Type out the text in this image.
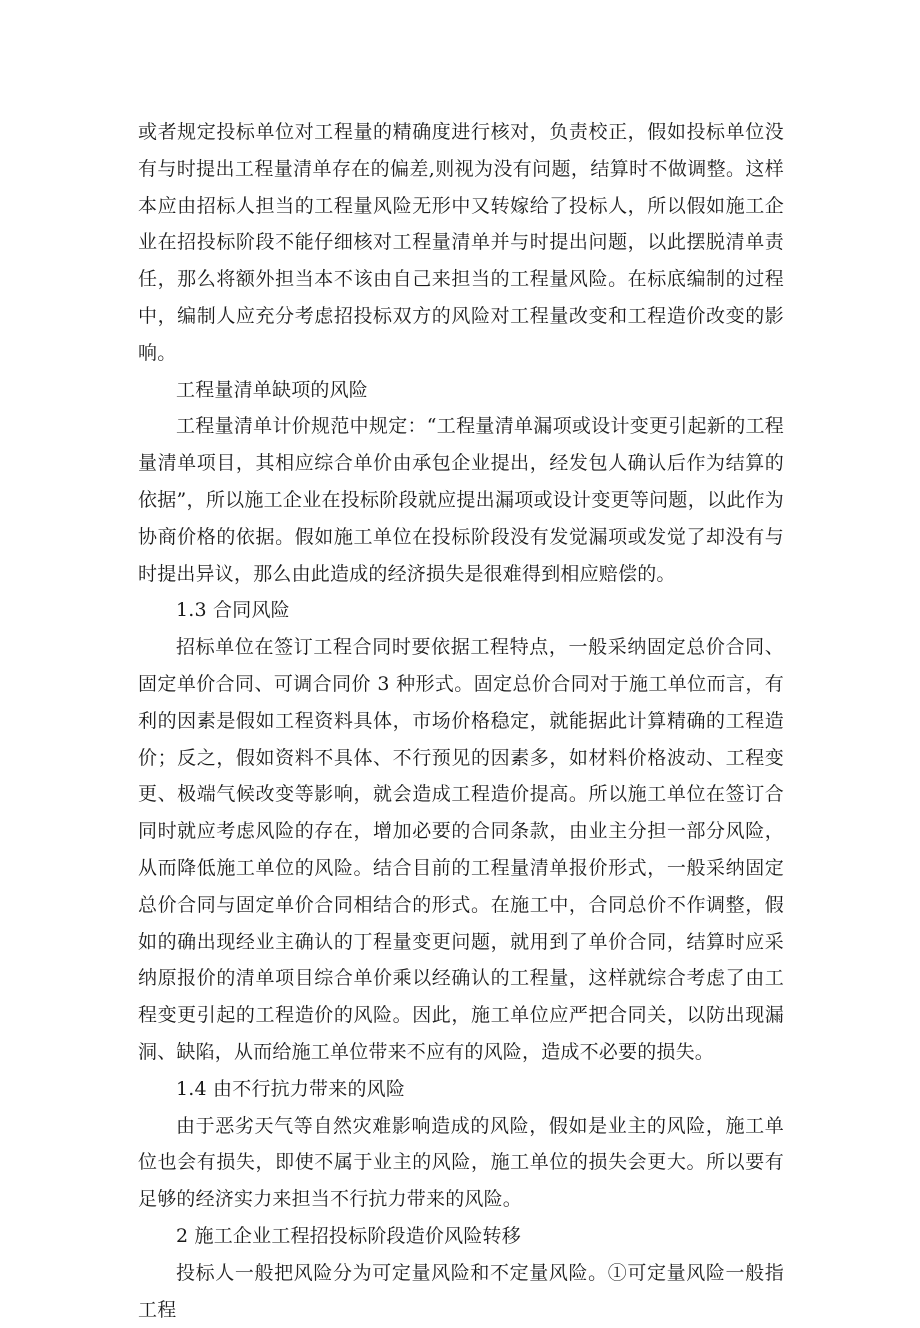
或者规定投标单位对工程量的精确度进行核对，负责校正，假如投标单位没有与时提出工程量清单存在的偏差,则视为没有问题，结算时不做调整。这样本应由招标人担当的工程量风险无形中又转嫁给了投标人，所以假如施工企业在招投标阶段不能仔细核对工程量清单并与时提出问题，以此摆脱清单责任，那么将额外担当本不该由自己来担当的工程量风险。在标底编制的过程中，编制人应充分考虑招投标双方的风险对工程量改变和工程造价改变的影响。

工程量清单缺项的风险

工程量清单计价规范中规定：“工程量清单漏项或设计变更引起新的工程量清单项目，其相应综合单价由承包企业提出，经发包人确认后作为结算的依据”，所以施工企业在投标阶段就应提出漏项或设计变更等问题，以此作为协商价格的依据。假如施工单位在投标阶段没有发觉漏项或发觉了却没有与时提出异议，那么由此造成的经济损失是很难得到相应赔偿的。

1.3 合同风险

招标单位在签订工程合同时要依据工程特点，一般采纳固定总价合同、固定单价合同、可调合同价 3 种形式。固定总价合同对于施工单位而言，有利的因素是假如工程资料具体，市场价格稳定，就能据此计算精确的工程造价；反之，假如资料不具体、不行预见的因素多，如材料价格波动、工程变更、极端气候改变等影响，就会造成工程造价提高。所以施工单位在签订合同时就应考虑风险的存在，增加必要的合同条款，由业主分担一部分风险，从而降低施工单位的风险。结合目前的工程量清单报价形式，一般采纳固定总价合同与固定单价合同相结合的形式。在施工中，合同总价不作调整，假如的确出现经业主确认的丁程量变更问题，就用到了单价合同，结算时应采纳原报价的清单项目综合单价乘以经确认的工程量，这样就综合考虑了由工程变更引起的工程造价的风险。因此，施工单位应严把合同关，以防出现漏洞、缺陷，从而给施工单位带来不应有的风险，造成不必要的损失。

1.4 由不行抗力带来的风险

由于恶劣天气等自然灾难影响造成的风险，假如是业主的风险，施工单位也会有损失，即使不属于业主的风险，施工单位的损失会更大。所以要有足够的经济实力来担当不行抗力带来的风险。

2 施工企业工程招投标阶段造价风险转移

投标人一般把风险分为可定量风险和不定量风险。①可定量风险一般指工程
